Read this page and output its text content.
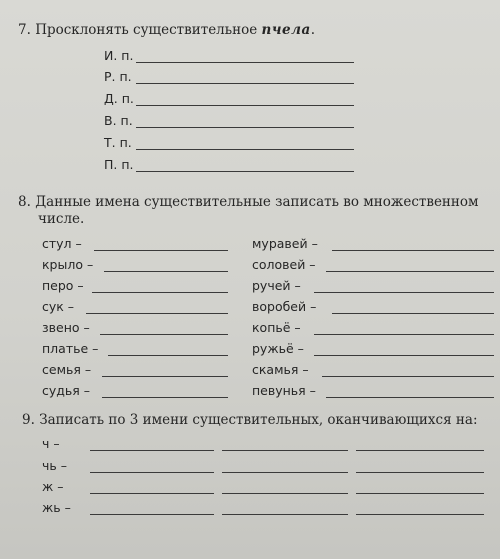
7. Просклонять существительное пчела.
И. п.
Р. п.
Д. п.
В. п.
Т. п.
П. п.
8. Данные имена существительные записать во множественном
числе.
стул –
крыло –
перо –
сук –
звено –
платье –
семья –
судья –
муравей –
соловей –
ручей –
воробей –
копьё –
ружьё –
скамья –
певунья –
9. Записать по 3 имени существительных, оканчивающихся на:
ч –
чь –
ж –
жь –
